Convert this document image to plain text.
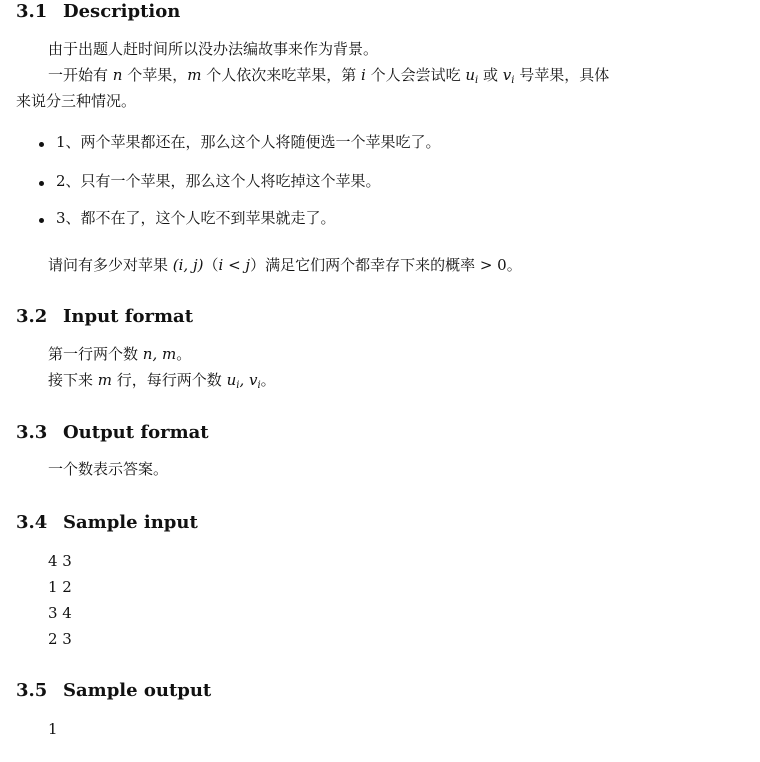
3.1 Description

由于出题人赶时间所以没办法编故事来作为背景。

一开始有 n 个苹果，m 个人依次来吃苹果，第 i 个人会尝试吃 $u_i$ 或 $v_i$ 号苹果，具体

来说分三种情况。

1、两个苹果都还在，那么这个人将随便选一个苹果吃了。

2、只有一个苹果，那么这个人将吃掉这个苹果。

3、都不在了，这个人吃不到苹果就走了。

请问有多少对苹果 (i, j)（i < j）满足它们两个都幸存下来的概率 > 0。

3.2 Input format

第一行两个数 n, m。

接下来 m 行，每行两个数 $u_i$, $v_i$。

3.3 Output format

一个数表示答案。

3.4 Sample input
4 3
1 2
3 4
2 3
3.5 Sample output
1
